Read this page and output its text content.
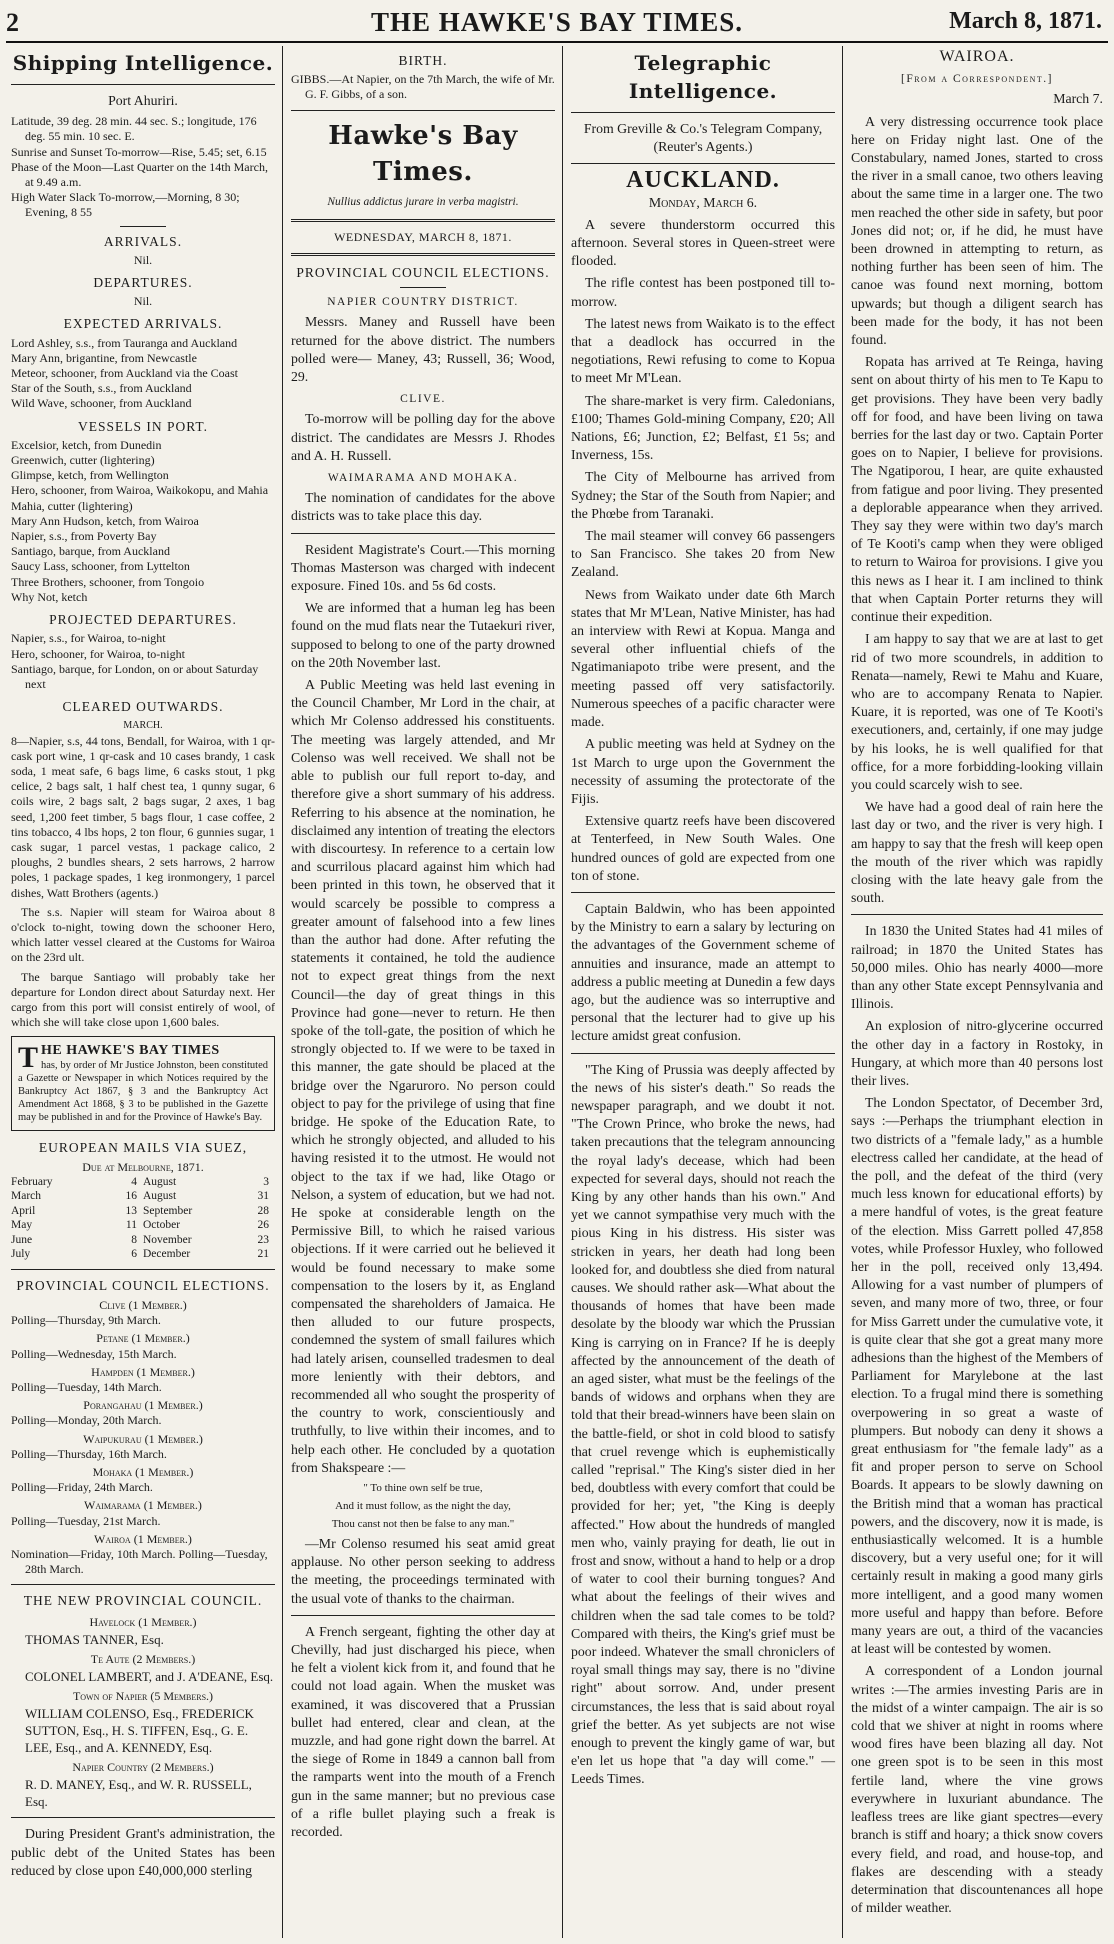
2	THE HAWKE'S BAY TIMES.	March 8, 1871.
Shipping Intelligence.

Port Ahuriri.

Latitude, 39 deg. 28 min. 44 sec. S.; longitude, 176 deg. 55 min. 10 sec. E.

Sunrise and Sunset To-morrow—Rise, 5.45; set, 6.15

Phase of the Moon—Last Quarter on the 14th March, at 9.49 a.m.

High Water Slack To-morrow,—Morning, 8 30; Evening, 8 55

ARRIVALS.

Nil.

DEPARTURES.

Nil.

EXPECTED ARRIVALS.

Lord Ashley, s.s., from Tauranga and Auckland

Mary Ann, brigantine, from Newcastle

Meteor, schooner, from Auckland via the Coast

Star of the South, s.s., from Auckland

Wild Wave, schooner, from Auckland

VESSELS IN PORT.

Excelsior, ketch, from Dunedin

Greenwich, cutter (lightering)

Glimpse, ketch, from Wellington

Hero, schooner, from Wairoa, Waikokopu, and Mahia

Mahia, cutter (lightering)

Mary Ann Hudson, ketch, from Wairoa

Napier, s.s., from Poverty Bay

Santiago, barque, from Auckland

Saucy Lass, schooner, from Lyttelton

Three Brothers, schooner, from Tongoio

Why Not, ketch

PROJECTED DEPARTURES.

Napier, s.s., for Wairoa, to-night

Hero, schooner, for Wairoa, to-night

Santiago, barque, for London, on or about Saturday next

CLEARED OUTWARDS.

MARCH.

8—Napier, s.s, 44 tons, Bendall, for Wairoa, with 1 qr-cask port wine, 1 qr-cask and 10 cases brandy, 1 cask soda, 1 meat safe, 6 bags lime, 6 casks stout, 1 pkg celice, 2 bags salt, 1 half chest tea, 1 qunny sugar, 6 coils wire, 2 bags salt, 2 bags sugar, 2 axes, 1 bag seed, 1,200 feet timber, 5 bags flour, 1 case coffee, 2 tins tobacco, 4 lbs hops, 2 ton flour, 6 gunnies sugar, 1 cask sugar, 1 parcel vestas, 1 package calico, 2 ploughs, 2 bundles shears, 2 sets harrows, 2 harrow poles, 1 package spades, 1 keg ironmongery, 1 parcel dishes, Watt Brothers (agents.)

The s.s. Napier will steam for Wairoa about 8 o'clock to-night, towing down the schooner Hero, which latter vessel cleared at the Customs for Wairoa on the 23rd ult.

The barque Santiago will probably take her departure for London direct about Saturday next. Her cargo from this port will consist entirely of wool, of which she will take close upon 1,600 bales.

T HE HAWKE'S BAY TIMES

has, by order of Mr Justice Johnston, been constituted a Gazette or Newspaper in which Notices required by the Bankruptcy Act 1867, § 3 and the Bankruptcy Act Amendment Act 1868, § 3 to be published in the Gazette may be published in and for the Province of Hawke's Bay.

EUROPEAN MAILS VIA SUEZ,

Due at Melbourne, 1871.

February	4 August	3
March	16 August	31
April	13 September	28
May	11 October	26
June	8 November	23
July	6 December	21

PROVINCIAL COUNCIL ELECTIONS.

Clive (1 Member.)

Polling—Thursday, 9th March.

Petane (1 Member.)

Polling—Wednesday, 15th March.

Hampden (1 Member.)

Polling—Tuesday, 14th March.

Porangahau (1 Member.)

Polling—Monday, 20th March.

Waipukurau (1 Member.)

Polling—Thursday, 16th March.

Mohaka (1 Member.)

Polling—Friday, 24th March.

Waimarama (1 Member.)

Polling—Tuesday, 21st March.

Wairoa (1 Member.)

Nomination—Friday, 10th March. Polling—Tuesday, 28th March.

THE NEW PROVINCIAL COUNCIL.

Havelock (1 Member.)

THOMAS TANNER, Esq.

Te Aute (2 Members.)

COLONEL LAMBERT, and J. A'DEANE, Esq.

Town of Napier (5 Members.)

WILLIAM COLENSO, Esq., FREDERICK SUTTON, Esq., H. S. TIFFEN, Esq., G. E. LEE, Esq., and A. KENNEDY, Esq.

Napier Country (2 Members.)

R. D. MANEY, Esq., and W. R. RUSSELL, Esq.

During President Grant's administration, the public debt of the United States has been reduced by close upon £40,000,000 sterling

BIRTH.

GIBBS.—At Napier, on the 7th March, the wife of Mr. G. F. Gibbs, of a son.

Hawke's Bay Times.

Nullius addictus jurare in verba magistri.

WEDNESDAY, MARCH 8, 1871.

PROVINCIAL COUNCIL ELECTIONS.

NAPIER COUNTRY DISTRICT.

Messrs. Maney and Russell have been returned for the above district. The numbers polled were— Maney, 43; Russell, 36; Wood, 29.

CLIVE.

To-morrow will be polling day for the above district. The candidates are Messrs J. Rhodes and A. H. Russell.

WAIMARAMA AND MOHAKA.

The nomination of candidates for the above districts was to take place this day.

Resident Magistrate's Court.—This morning Thomas Masterson was charged with indecent exposure. Fined 10s. and 5s 6d costs.

We are informed that a human leg has been found on the mud flats near the Tutaekuri river, supposed to belong to one of the party drowned on the 20th November last.

A Public Meeting was held last evening in the Council Chamber, Mr Lord in the chair, at which Mr Colenso addressed his constituents. The meeting was largely attended, and Mr Colenso was well received. We shall not be able to publish our full report to-day, and therefore give a short summary of his address. Referring to his absence at the nomination, he disclaimed any intention of treating the electors with discourtesy. In reference to a certain low and scurrilous placard against him which had been printed in this town, he observed that it would scarcely be possible to compress a greater amount of falsehood into a few lines than the author had done. After refuting the statements it contained, he told the audience not to expect great things from the next Council—the day of great things in this Province had gone—never to return. He then spoke of the toll-gate, the position of which he strongly objected to. If we were to be taxed in this manner, the gate should be placed at the bridge over the Ngaruroro. No person could object to pay for the privilege of using that fine bridge. He spoke of the Education Rate, to which he strongly objected, and alluded to his having resisted it to the utmost. He would not object to the tax if we had, like Otago or Nelson, a system of education, but we had not. He spoke at considerable length on the Permissive Bill, to which he raised various objections. If it were carried out he believed it would be found necessary to make some compensation to the losers by it, as England compensated the shareholders of Jamaica. He then alluded to our future prospects, condemned the system of small failures which had lately arisen, counselled tradesmen to deal more leniently with their debtors, and recommended all who sought the prosperity of the country to work, conscientiously and truthfully, to live within their incomes, and to help each other. He concluded by a quotation from Shakspeare :—

" To thine own self be true,

And it must follow, as the night the day,

Thou canst not then be false to any man."

—Mr Colenso resumed his seat amid great applause. No other person seeking to address the meeting, the proceedings terminated with the usual vote of thanks to the chairman.

A French sergeant, fighting the other day at Chevilly, had just discharged his piece, when he felt a violent kick from it, and found that he could not load again. When the musket was examined, it was discovered that a Prussian bullet had entered, clear and clean, at the muzzle, and had gone right down the barrel. At the siege of Rome in 1849 a cannon ball from the ramparts went into the mouth of a French gun in the same manner; but no previous case of a rifle bullet playing such a freak is recorded.

Telegraphic Intelligence.

From Greville & Co.'s Telegram Company, (Reuter's Agents.)

AUCKLAND.

Monday, March 6.

A severe thunderstorm occurred this afternoon. Several stores in Queen-street were flooded.

The rifle contest has been postponed till to-morrow.

The latest news from Waikato is to the effect that a deadlock has occurred in the negotiations, Rewi refusing to come to Kopua to meet Mr M'Lean.

The share-market is very firm. Caledonians, £100; Thames Gold-mining Company, £20; All Nations, £6; Junction, £2; Belfast, £1 5s; and Inverness, 15s.

The City of Melbourne has arrived from Sydney; the Star of the South from Napier; and the Phœbe from Taranaki.

The mail steamer will convey 66 passengers to San Francisco. She takes 20 from New Zealand.

News from Waikato under date 6th March states that Mr M'Lean, Native Minister, has had an interview with Rewi at Kopua. Manga and several other influential chiefs of the Ngatimaniapoto tribe were present, and the meeting passed off very satisfactorily. Numerous speeches of a pacific character were made.

A public meeting was held at Sydney on the 1st March to urge upon the Government the necessity of assuming the protectorate of the Fijis.

Extensive quartz reefs have been discovered at Tenterfeed, in New South Wales. One hundred ounces of gold are expected from one ton of stone.

Captain Baldwin, who has been appointed by the Ministry to earn a salary by lecturing on the advantages of the Government scheme of annuities and insurance, made an attempt to address a public meeting at Dunedin a few days ago, but the audience was so interruptive and personal that the lecturer had to give up his lecture amidst great confusion.

"The King of Prussia was deeply affected by the news of his sister's death." So reads the newspaper paragraph, and we doubt it not. "The Crown Prince, who broke the news, had taken precautions that the telegram announcing the royal lady's decease, which had been expected for several days, should not reach the King by any other hands than his own." And yet we cannot sympathise very much with the pious King in his distress. His sister was stricken in years, her death had long been looked for, and doubtless she died from natural causes. We should rather ask—What about the thousands of homes that have been made desolate by the bloody war which the Prussian King is carrying on in France? If he is deeply affected by the announcement of the death of an aged sister, what must be the feelings of the bands of widows and orphans when they are told that their bread-winners have been slain on the battle-field, or shot in cold blood to satisfy that cruel revenge which is euphemistically called "reprisal." The King's sister died in her bed, doubtless with every comfort that could be provided for her; yet, "the King is deeply affected." How about the hundreds of mangled men who, vainly praying for death, lie out in frost and snow, without a hand to help or a drop of water to cool their burning tongues? And what about the feelings of their wives and children when the sad tale comes to be told? Compared with theirs, the King's grief must be poor indeed. Whatever the small chroniclers of royal small things may say, there is no "divine right" about sorrow. And, under present circumstances, the less that is said about royal grief the better. As yet subjects are not wise enough to prevent the kingly game of war, but e'en let us hope that "a day will come." —Leeds Times.

WAIROA.

[From a Correspondent.]

March 7.

A very distressing occurrence took place here on Friday night last. One of the Constabulary, named Jones, started to cross the river in a small canoe, two others leaving about the same time in a larger one. The two men reached the other side in safety, but poor Jones did not; or, if he did, he must have been drowned in attempting to return, as nothing further has been seen of him. The canoe was found next morning, bottom upwards; but though a diligent search has been made for the body, it has not been found.

Ropata has arrived at Te Reinga, having sent on about thirty of his men to Te Kapu to get provisions. They have been very badly off for food, and have been living on tawa berries for the last day or two. Captain Porter goes on to Napier, I believe for provisions. The Ngatiporou, I hear, are quite exhausted from fatigue and poor living. They presented a deplorable appearance when they arrived. They say they were within two day's march of Te Kooti's camp when they were obliged to return to Wairoa for provisions. I give you this news as I hear it. I am inclined to think that when Captain Porter returns they will continue their expedition.

I am happy to say that we are at last to get rid of two more scoundrels, in addition to Renata—namely, Rewi te Mahu and Kuare, who are to accompany Renata to Napier. Kuare, it is reported, was one of Te Kooti's executioners, and, certainly, if one may judge by his looks, he is well qualified for that office, for a more forbidding-looking villain you could scarcely wish to see.

We have had a good deal of rain here the last day or two, and the river is very high. I am happy to say that the fresh will keep open the mouth of the river which was rapidly closing with the late heavy gale from the south.

In 1830 the United States had 41 miles of railroad; in 1870 the United States has 50,000 miles. Ohio has nearly 4000—more than any other State except Pennsylvania and Illinois.

An explosion of nitro-glycerine occurred the other day in a factory in Rostoky, in Hungary, at which more than 40 persons lost their lives.

The London Spectator, of December 3rd, says :—Perhaps the triumphant election in two districts of a "female lady," as a humble electress called her candidate, at the head of the poll, and the defeat of the third (very much less known for educational efforts) by a mere handful of votes, is the great feature of the election. Miss Garrett polled 47,858 votes, while Professor Huxley, who followed her in the poll, received only 13,494. Allowing for a vast number of plumpers of seven, and many more of two, three, or four for Miss Garrett under the cumulative vote, it is quite clear that she got a great many more adhesions than the highest of the Members of Parliament for Marylebone at the last election. To a frugal mind there is something overpowering in so great a waste of plumpers. But nobody can deny it shows a great enthusiasm for "the female lady" as a fit and proper person to serve on School Boards. It appears to be slowly dawning on the British mind that a woman has practical powers, and the discovery, now it is made, is enthusiastically welcomed. It is a humble discovery, but a very useful one; for it will certainly result in making a good many girls more intelligent, and a good many women more useful and happy than before. Before many years are out, a third of the vacancies at least will be contested by women.

A correspondent of a London journal writes :—The armies investing Paris are in the midst of a winter campaign. The air is so cold that we shiver at night in rooms where wood fires have been blazing all day. Not one green spot is to be seen in this most fertile land, where the vine grows everywhere in luxuriant abundance. The leafless trees are like giant spectres—every branch is stiff and hoary; a thick snow covers every field, and road, and house-top, and flakes are descending with a steady determination that discountenances all hope of milder weather.
